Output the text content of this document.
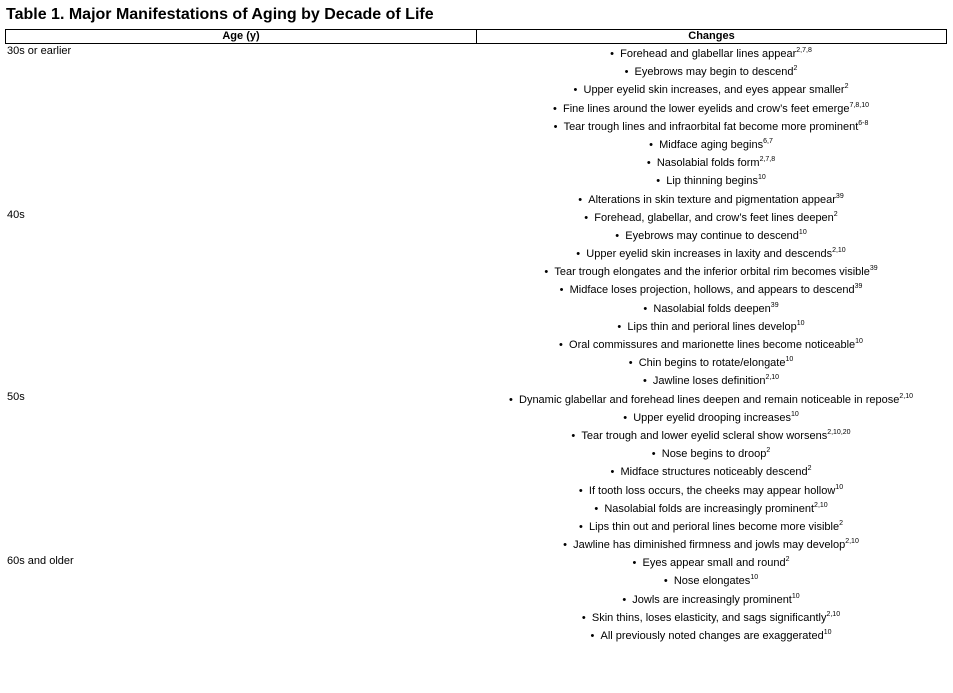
Table 1. Major Manifestations of Aging by Decade of Life
Age (y)	Changes
30s or earlier
40s
50s
60s and older
• Forehead and glabellar lines appear$^{2,7,8}$
• Eyebrows may begin to descend$^2$
• Upper eyelid skin increases, and eyes appear smaller$^2$
• Fine lines around the lower eyelids and crow’s feet emerge$^{7,8,10}$
• Tear trough lines and infraorbital fat become more prominent$^{6-8}$
• Midface aging begins$^{6,7}$
• Nasolabial folds form$^{2,7,8}$
• Lip thinning begins$^{10}$
• Alterations in skin texture and pigmentation appear$^{39}$
• Forehead, glabellar, and crow’s feet lines deepen$^2$
• Eyebrows may continue to descend$^{10}$
• Upper eyelid skin increases in laxity and descends$^{2,10}$
• Tear trough elongates and the inferior orbital rim becomes visible$^{39}$
• Midface loses projection, hollows, and appears to descend$^{39}$
• Nasolabial folds deepen$^{39}$
• Lips thin and perioral lines develop$^{10}$
• Oral commissures and marionette lines become noticeable$^{10}$
• Chin begins to rotate/elongate$^{10}$
• Jawline loses definition$^{2,10}$
• Dynamic glabellar and forehead lines deepen and remain noticeable in repose$^{2,10}$
• Upper eyelid drooping increases$^{10}$
• Tear trough and lower eyelid scleral show worsens$^{2,10,20}$
• Nose begins to droop$^2$
• Midface structures noticeably descend$^2$
• If tooth loss occurs, the cheeks may appear hollow$^{10}$
• Nasolabial folds are increasingly prominent$^{2,10}$
• Lips thin out and perioral lines become more visible$^2$
• Jawline has diminished firmness and jowls may develop$^{2,10}$
• Eyes appear small and round$^2$
• Nose elongates$^{10}$
• Jowls are increasingly prominent$^{10}$
• Skin thins, loses elasticity, and sags significantly$^{2,10}$
• All previously noted changes are exaggerated$^{10}$
